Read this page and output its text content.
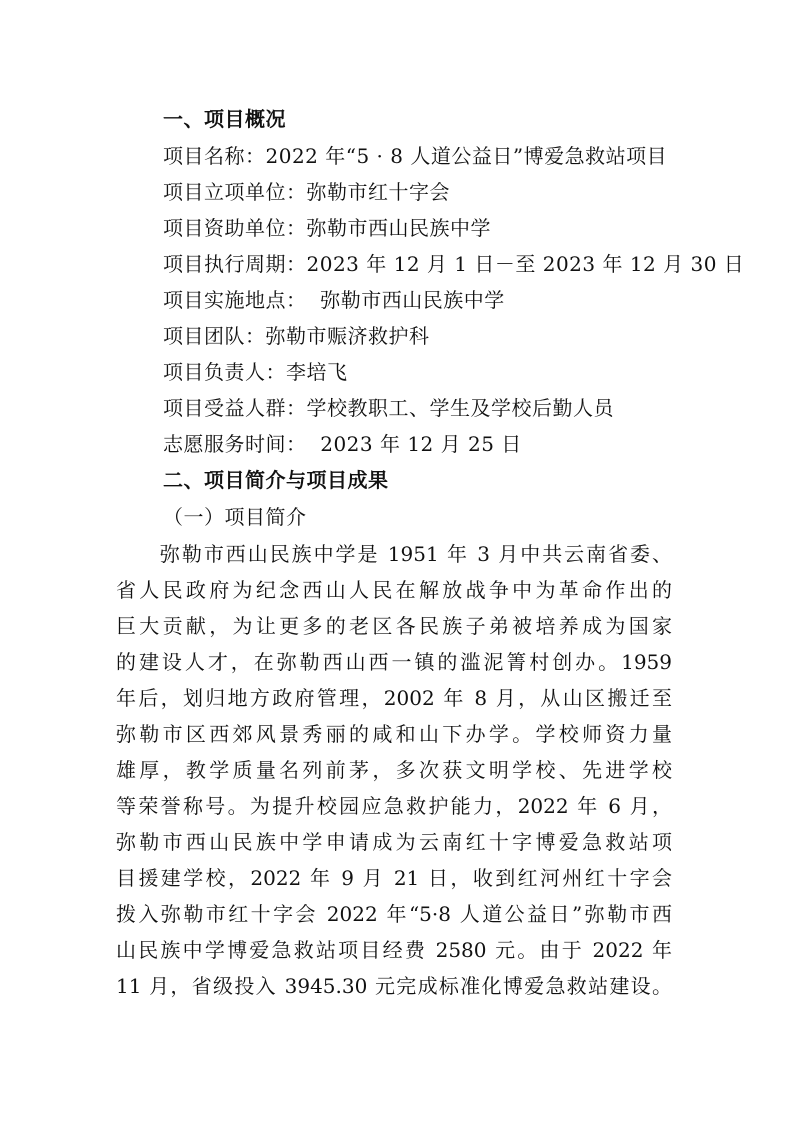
一、项目概况
项目名称：2022 年“5 · 8 人道公益日”博爱急救站项目
项目立项单位：弥勒市红十字会
项目资助单位：弥勒市西山民族中学
项目执行周期：2023 年 12 月 1 日－至 2023 年 12 月 30 日
项目实施地点：  弥勒市西山民族中学
项目团队：弥勒市赈济救护科
项目负责人：李培飞
项目受益人群：学校教职工、学生及学校后勤人员
志愿服务时间：  2023 年 12 月 25 日
二、项目简介与项目成果
（一）项目简介
　　弥勒市西山民族中学是 1951 年 3 月中共云南省委、
省人民政府为纪念西山人民在解放战争中为革命作出的
巨大贡献，为让更多的老区各民族子弟被培养成为国家
的建设人才，在弥勒西山西一镇的滥泥箐村创办。1959
年后，划归地方政府管理，2002 年 8 月，从山区搬迁至
弥勒市区西郊风景秀丽的咸和山下办学。学校师资力量
雄厚，教学质量名列前茅，多次获文明学校、先进学校
等荣誉称号。为提升校园应急救护能力，2022 年 6 月，
弥勒市西山民族中学申请成为云南红十字博爱急救站项
目援建学校，2022 年 9 月 21 日，收到红河州红十字会
拨入弥勒市红十字会 2022 年“5·8 人道公益日”弥勒市西
山民族中学博爱急救站项目经费 2580 元。由于 2022 年
11 月，省级投入 3945.30 元完成标准化博爱急救站建设。
